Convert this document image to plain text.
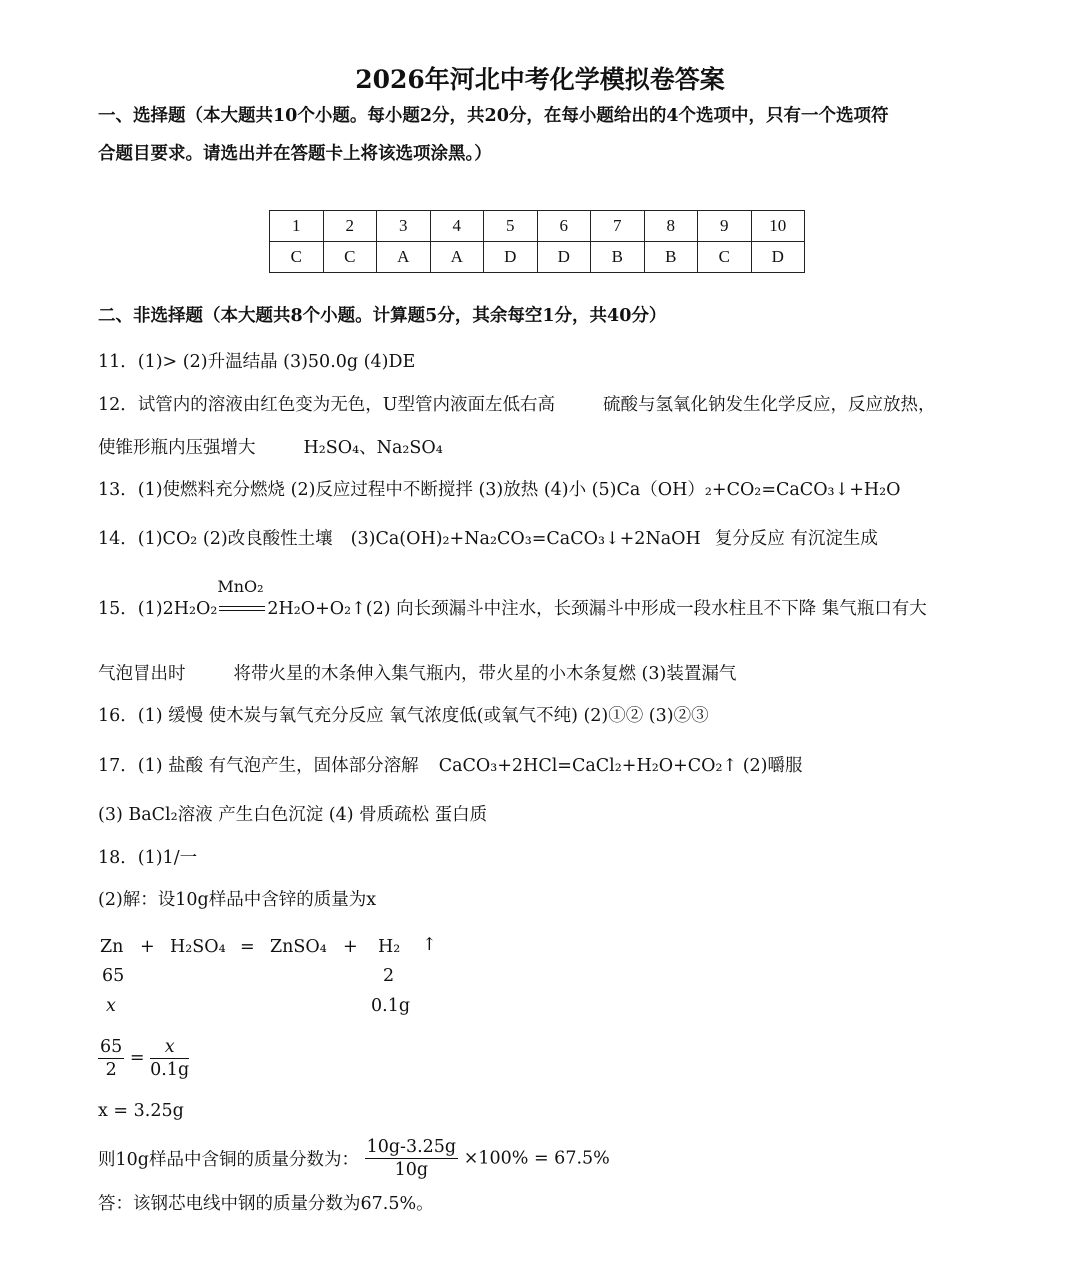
2026年河北中考化学模拟卷答案
一、选择题（本大题共10个小题。每小题2分，共20分，在每小题给出的4个选项中，只有一个选项符
合题目要求。请选出并在答题卡上将该选项涂黑。）
1	2	3	4	5	6	7	8	9	10
C	C	A	A	D	D	B	B	C	D
二、非选择题（本大题共8个小题。计算题5分，其余每空1分，共40分）
11．(1)> (2)升温结晶 (3)50.0g (4)DE
12．试管内的溶液由红色变为无色，U型管内液面左低右高	硫酸与氢氧化钠发生化学反应，反应放热，
使锥形瓶内压强增大	H₂SO₄、Na₂SO₄
13．(1)使燃料充分燃烧 (2)反应过程中不断搅拌 (3)放热 (4)小 (5)Ca（OH）₂+CO₂=CaCO₃↓+H₂O
14．(1)CO₂ (2)改良酸性土壤 (3)Ca(OH)₂+Na₂CO₃=CaCO₃↓+2NaOH 复分反应 有沉淀生成
15．(1)2H₂O₂
MnO₂
2H₂O+O₂↑(2) 向长颈漏斗中注水，长颈漏斗中形成一段水柱且不下降 集气瓶口有大
气泡冒出时	将带火星的木条伸入集气瓶内，带火星的小木条复燃 (3)装置漏气
16．(1) 缓慢 使木炭与氧气充分反应 氧气浓度低(或氧气不纯) (2)①② (3)②③
17．(1) 盐酸 有气泡产生，固体部分溶解 CaCO₃+2HCl=CaCl₂+H₂O+CO₂↑ (2)嚼服
(3) BaCl₂溶液 产生白色沉淀 (4) 骨质疏松 蛋白质
18．(1)1/一
(2)解：设10g样品中含锌的质量为x
Zn + H₂SO₄ = ZnSO₄ + H₂ ↑
65	2
x	0.1g
$\frac{65}{2} = \frac{x}{0.1g}$
x = 3.25g
则10g样品中含铜的质量分数为： $\frac{10g-3.25g}{10g} \times 100\% = 67.5\%$
答：该钢芯电线中钢的质量分数为67.5%。
